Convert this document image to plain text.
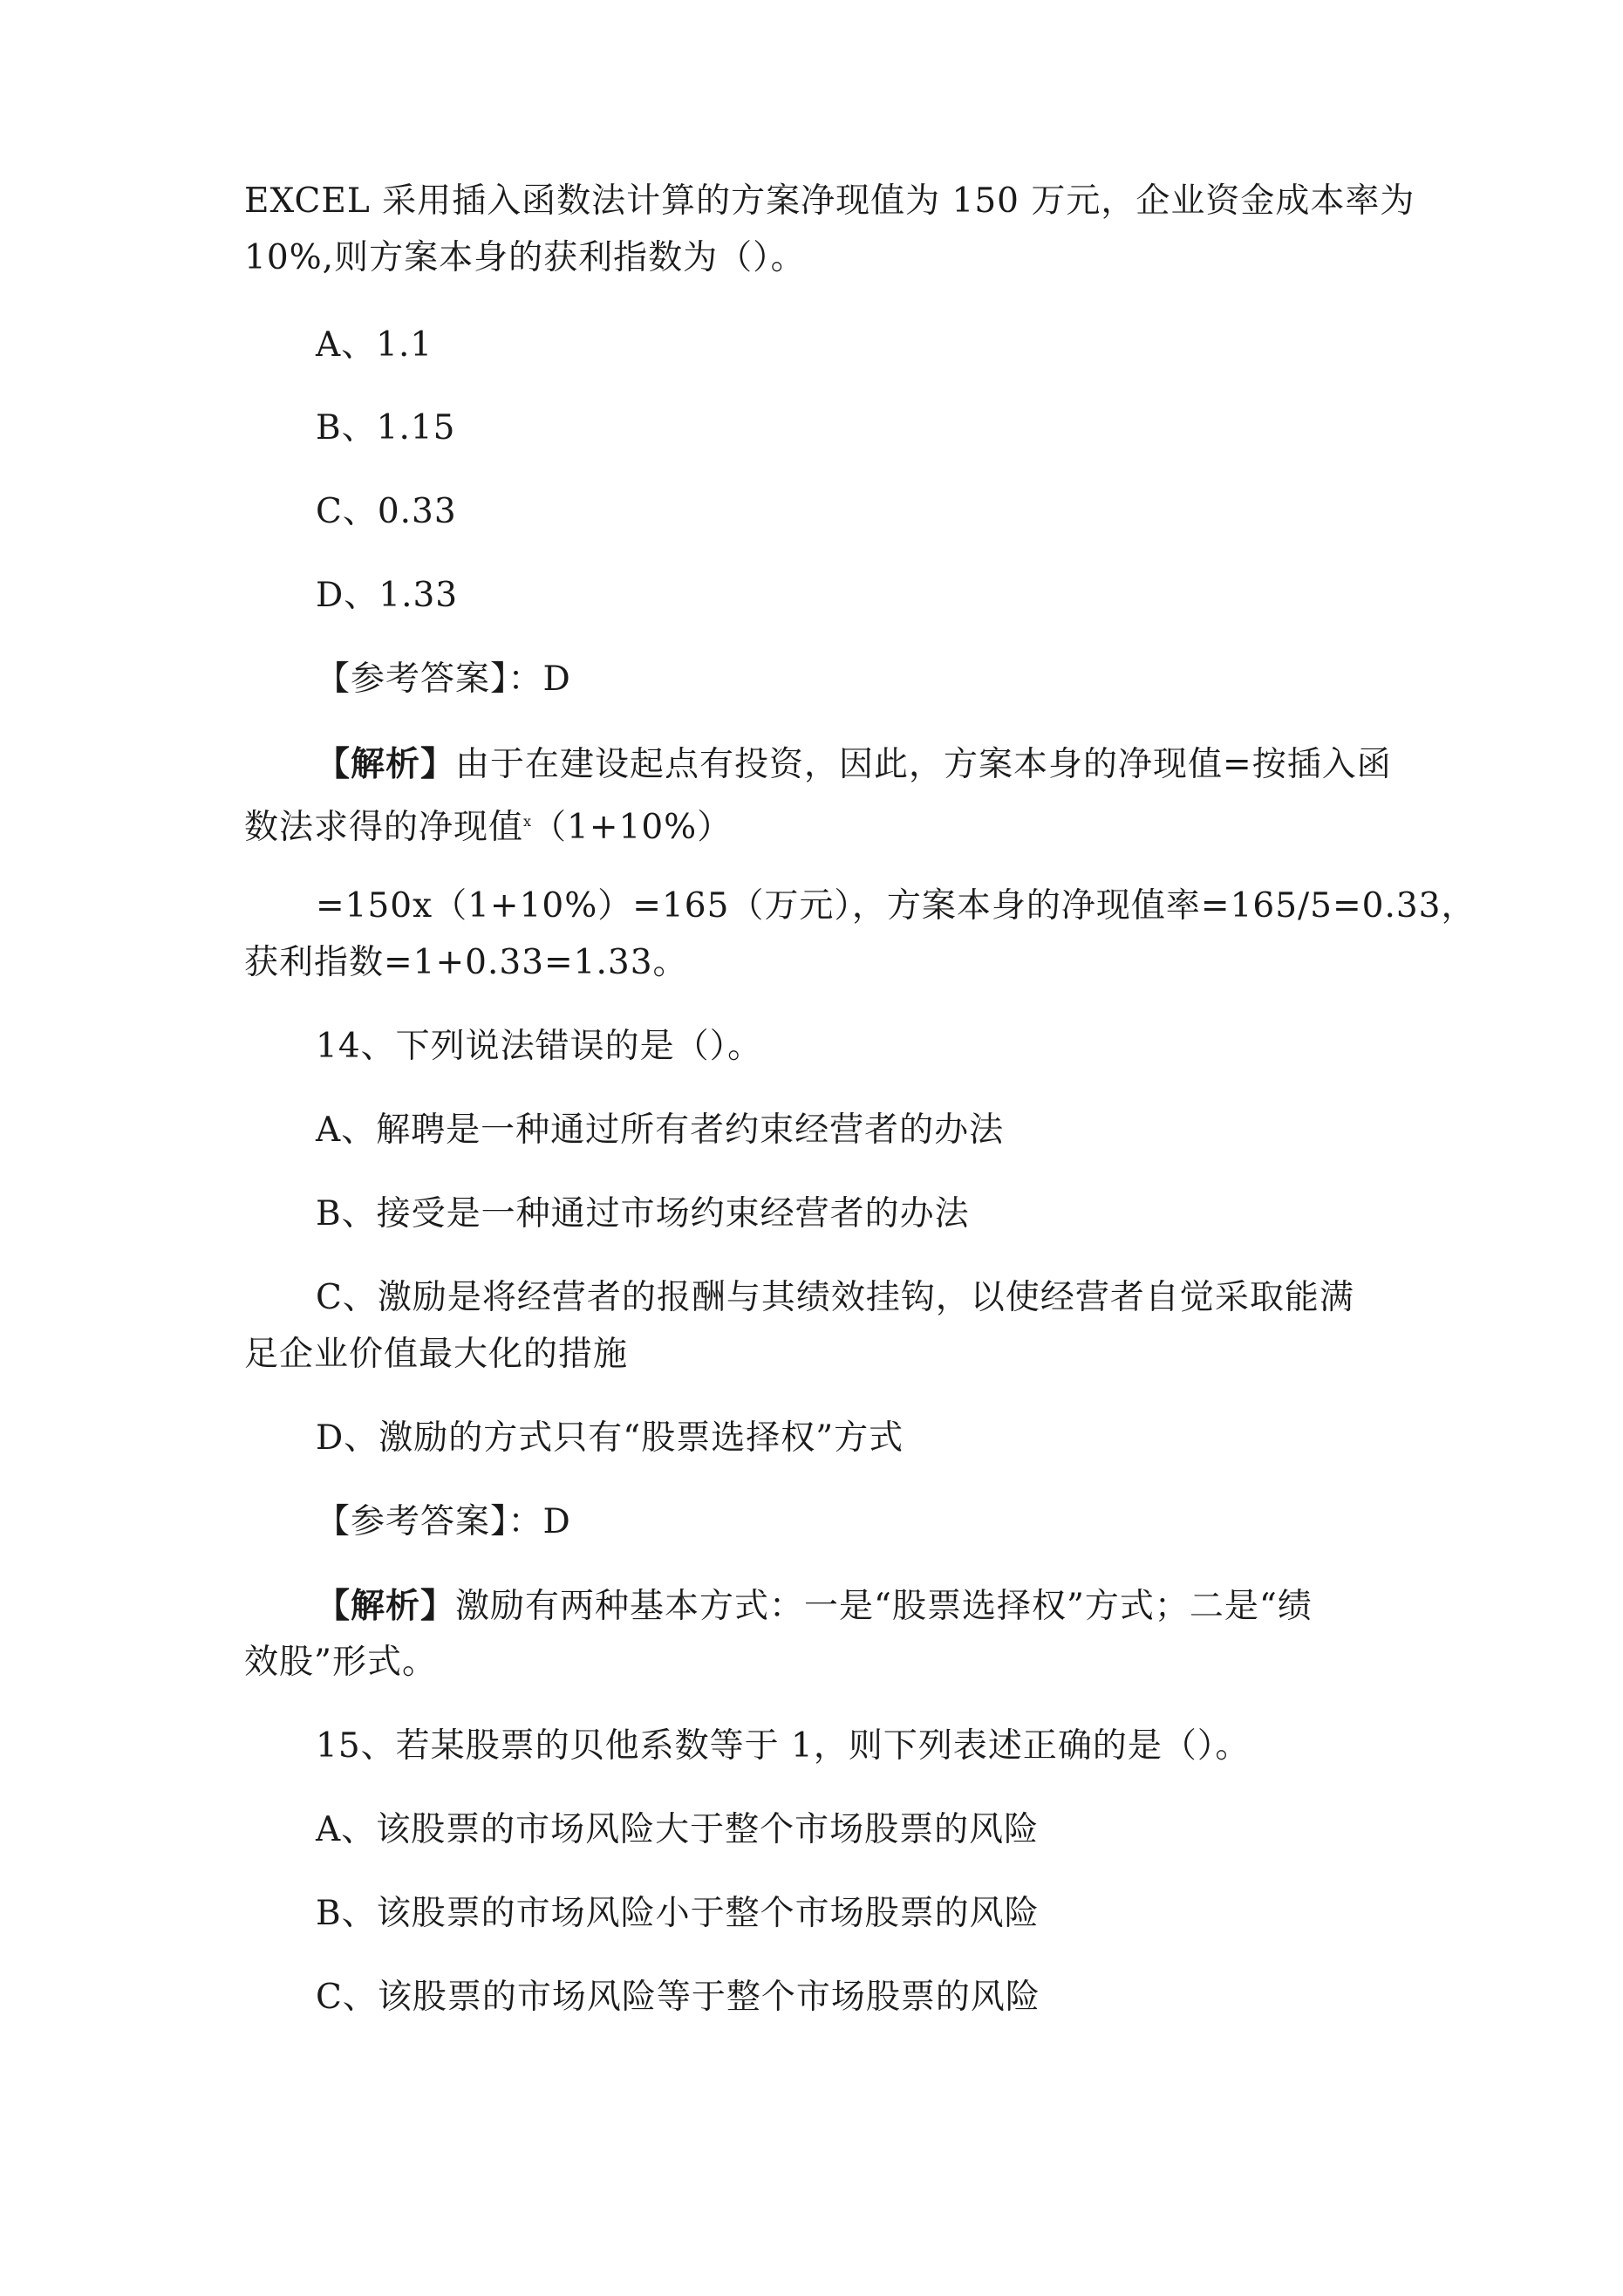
EXCEL 采用插入函数法计算的方案净现值为 150 万元，企业资金成本率为
10%,则方案本身的获利指数为（）。
A、1.1
B、1.15
C、0.33
D、1.33
【参考答案】：D
【解析】由于在建设起点有投资，因此，方案本身的净现值=按插入函
数法求得的净现值$^x$（1+10%）
=150x（1+10%）=165（万元），方案本身的净现值率=165/5=0.33，
获利指数=1+0.33=1.33。
14、下列说法错误的是（）。
A、解聘是一种通过所有者约束经营者的办法
B、接受是一种通过市场约束经营者的办法
C、激励是将经营者的报酬与其绩效挂钩，以使经营者自觉采取能满
足企业价值最大化的措施
D、激励的方式只有“股票选择权”方式
【参考答案】：D
【解析】激励有两种基本方式：一是“股票选择权”方式；二是“绩
效股”形式。
15、若某股票的贝他系数等于 1，则下列表述正确的是（）。
A、该股票的市场风险大于整个市场股票的风险
B、该股票的市场风险小于整个市场股票的风险
C、该股票的市场风险等于整个市场股票的风险
